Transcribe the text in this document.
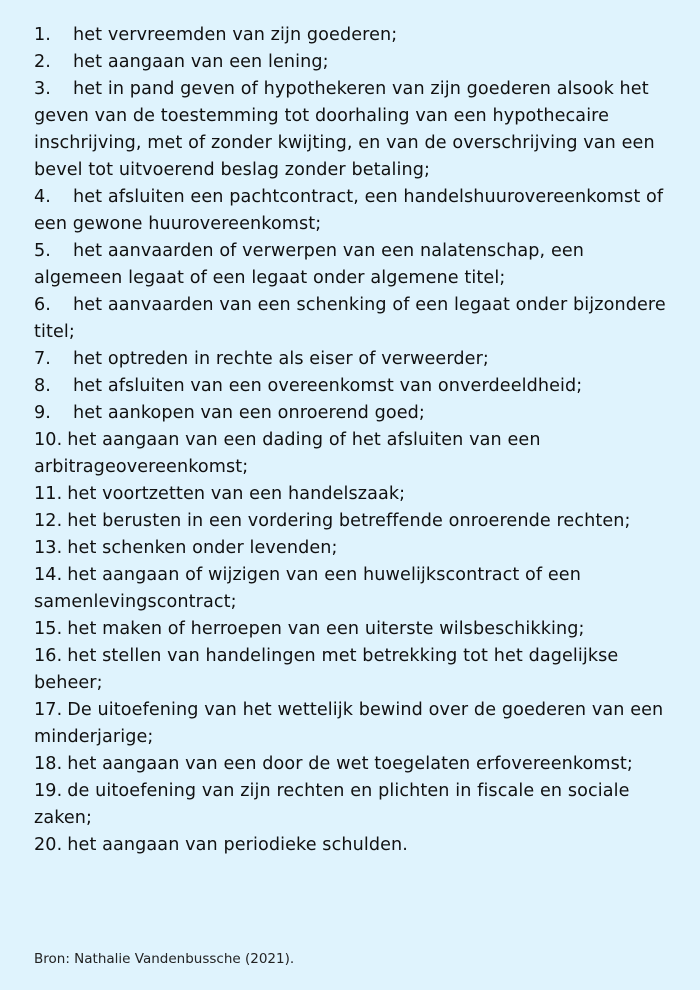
1. het vervreemden van zijn goederen;
2. het aangaan van een lening;
3. het in pand geven of hypothekeren van zijn goederen alsook het geven van de toestemming tot doorhaling van een hypothecaire inschrijving, met of zonder kwijting, en van de overschrijving van een bevel tot uitvoerend beslag zonder betaling;
4. het afsluiten een pachtcontract, een handelshuurovereenkomst of een gewone huurovereenkomst;
5. het aanvaarden of verwerpen van een nalatenschap, een algemeen legaat of een legaat onder algemene titel;
6. het aanvaarden van een schenking of een legaat onder bijzondere titel;
7. het optreden in rechte als eiser of verweerder;
8. het afsluiten van een overeenkomst van onverdeeldheid;
9. het aankopen van een onroerend goed;
10. het aangaan van een dading of het afsluiten van een arbitrageovereenkomst;
11. het voortzetten van een handelszaak;
12. het berusten in een vordering betreffende onroerende rechten;
13. het schenken onder levenden;
14. het aangaan of wijzigen van een huwelijkscontract of een samenlevingscontract;
15. het maken of herroepen van een uiterste wilsbeschikking;
16. het stellen van handelingen met betrekking tot het dagelijkse beheer;
17. De uitoefening van het wettelijk bewind over de goederen van een minderjarige;
18. het aangaan van een door de wet toegelaten erfovereenkomst;
19. de uitoefening van zijn rechten en plichten in fiscale en sociale zaken;
20. het aangaan van periodieke schulden.
Bron: Nathalie Vandenbussche (2021).
